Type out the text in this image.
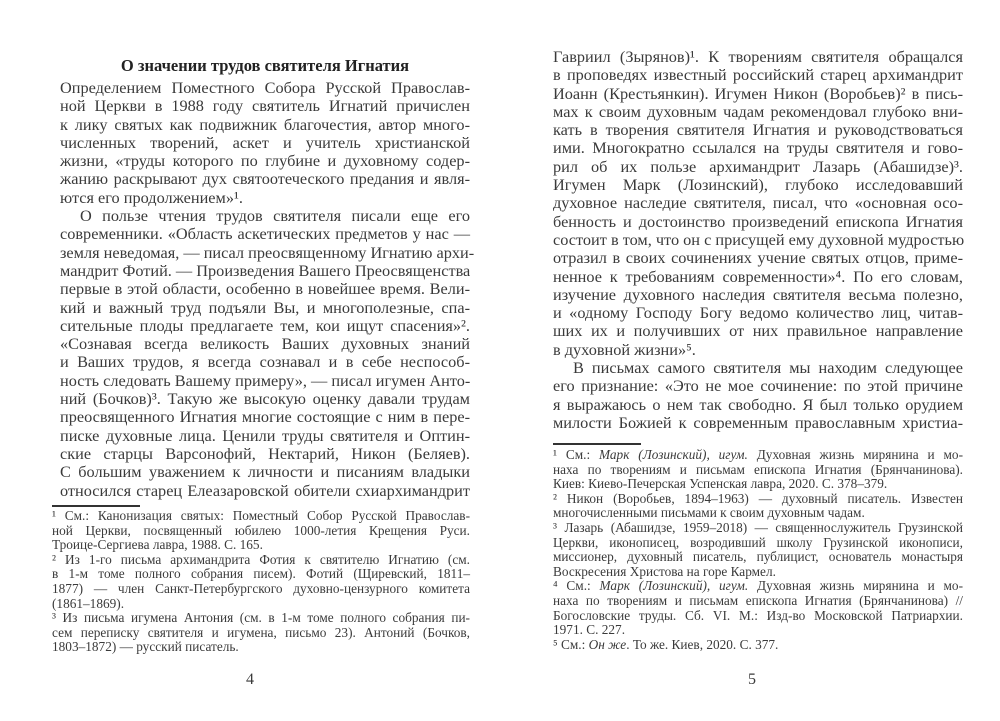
О значении трудов святителя Игнатия
Определением Поместного Собора Русской Православ-
ной Церкви в 1988 году святитель Игнатий причислен
к лику святых как подвижник благочестия, автор много-
численных творений, аскет и учитель христианской
жизни, «труды которого по глубине и духовному содер-
жанию раскрывают дух святоотеческого предания и явля-
ются его продолжением»¹.
О пользе чтения трудов святителя писали еще его
современники. «Область аскетических предметов у нас —
земля неведомая, — писал преосвященному Игнатию архи-
мандрит Фотий. — Произведения Вашего Преосвященства
первые в этой области, особенно в новейшее время. Вели-
кий и важный труд подъяли Вы, и многополезные, спа-
сительные плоды предлагаете тем, кои ищут спасения»².
«Сознавая всегда великость Ваших духовных знаний
и Ваших трудов, я всегда сознавал и в себе неспособ-
ность следовать Вашему примеру», — писал игумен Анто-
ний (Бочков)³. Такую же высокую оценку давали трудам
преосвященного Игнатия многие состоящие с ним в пере-
писке духовные лица. Ценили труды святителя и Оптин-
ские старцы Варсонофий, Нектарий, Никон (Беляев).
С большим уважением к личности и писаниям владыки
относился старец Елеазаровской обители схиархимандрит
¹ См.: Канонизация святых: Поместный Собор Русской Православ-
ной Церкви, посвященный юбилею 1000-летия Крещения Руси.
Троице-Сергиева лавра, 1988. С. 165.
² Из 1-го письма архимандрита Фотия к святителю Игнатию (см.
в 1-м томе полного собрания писем). Фотий (Щиревский, 1811–
1877) — член Санкт-Петербургского духовно-цензурного комитета
(1861–1869).
³ Из письма игумена Антония (см. в 1-м томе полного собрания пи-
сем переписку святителя и игумена, письмо 23). Антоний (Бочков,
1803–1872) — русский писатель.
4
Гавриил (Зырянов)¹. К творениям святителя обращался
в проповедях известный российский старец архимандрит
Иоанн (Крестьянкин). Игумен Никон (Воробьев)² в пись-
мах к своим духовным чадам рекомендовал глубоко вни-
кать в творения святителя Игнатия и руководствоваться
ими. Многократно ссылался на труды святителя и гово-
рил об их пользе архимандрит Лазарь (Абашидзе)³.
Игумен Марк (Лозинский), глубоко исследовавший
духовное наследие святителя, писал, что «основная осо-
бенность и достоинство произведений епископа Игнатия
состоит в том, что он с присущей ему духовной мудростью
отразил в своих сочинениях учение святых отцов, приме-
ненное к требованиям современности»⁴. По его словам,
изучение духовного наследия святителя весьма полезно,
и «одному Господу Богу ведомо количество лиц, читав-
ших их и получивших от них правильное направление
в духовной жизни»⁵.
В письмах самого святителя мы находим следующее
его признание: «Это не мое сочинение: по этой причине
я выражаюсь о нем так свободно. Я был только орудием
милости Божией к современным православным христиа-
¹ См.: Марк (Лозинский), игум. Духовная жизнь мирянина и мо-
наха по творениям и письмам епископа Игнатия (Брянчанинова).
Киев: Киево-Печерская Успенская лавра, 2020. С. 378–379.
² Никон (Воробьев, 1894–1963) — духовный писатель. Известен
многочисленными письмами к своим духовным чадам.
³ Лазарь (Абашидзе, 1959–2018) — священнослужитель Грузинской
Церкви, иконописец, возродивший школу Грузинской иконописи,
миссионер, духовный писатель, публицист, основатель монастыря
Воскресения Христова на горе Кармел.
⁴ См.: Марк (Лозинский), игум. Духовная жизнь мирянина и мо-
наха по творениям и письмам епископа Игнатия (Брянчанинова) //
Богословские труды. Сб. VI. М.: Изд-во Московской Патриархии.
1971. С. 227.
⁵ См.: Он же. То же. Киев, 2020. С. 377.
5
